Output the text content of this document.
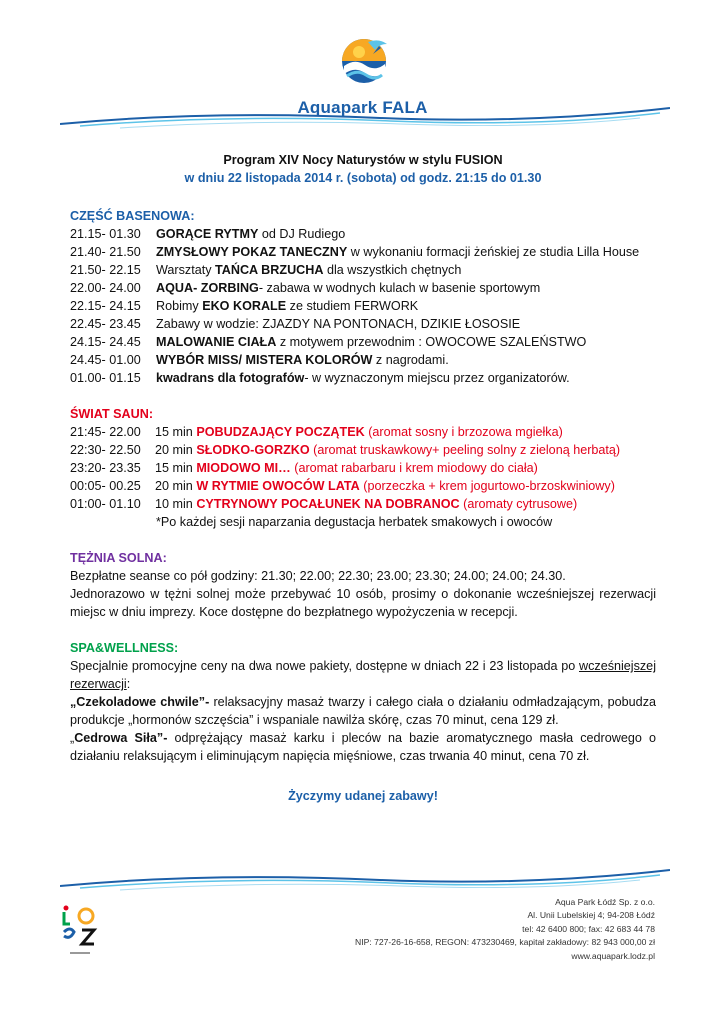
Aquapark FALA
Program XIV Nocy Naturystów w stylu FUSION
w dniu 22 listopada 2014 r. (sobota) od godz. 21:15 do 01.30
CZĘŚĆ BASENOWA:
21.15- 01.30	GORĄCE RYTMY od DJ Rudiego
21.40- 21.50	ZMYSŁOWY POKAZ TANECZNY w wykonaniu formacji żeńskiej ze studia Lilla House
21.50- 22.15	Warsztaty TAŃCA BRZUCHA dla wszystkich chętnych
22.00- 24.00	AQUA- ZORBING- zabawa w wodnych kulach w basenie sportowym
22.15- 24.15	Robimy EKO KORALE ze studiem FERWORK
22.45- 23.45	Zabawy w wodzie: ZJAZDY NA PONTONACH, DZIKIE ŁOSOSIE
24.15- 24.45	MALOWANIE CIAŁA z motywem przewodnim : OWOCOWE SZALEŃSTWO
24.45- 01.00	WYBÓR MISS/ MISTERA KOLORÓW z nagrodami.
01.00- 01.15	kwadrans dla fotografów- w wyznaczonym miejscu przez organizatorów.
ŚWIAT SAUN:
21:45- 22.00	15 min POBUDZAJĄCY POCZĄTEK (aromat sosny i brzozowa mgiełka)
22:30- 22.50	20 min SŁODKO-GORZKO (aromat truskawkowy+ peeling solny z zieloną herbatą)
23:20- 23.35	15 min MIODOWO MI… (aromat rabarbaru i krem miodowy do ciała)
00:05- 00.25	20 min W RYTMIE OWOCÓW LATA (porzeczka + krem jogurtowo-brzoskwiniowy)
01:00- 01.10	10 min CYTRYNOWY POCAŁUNEK NA DOBRANOC (aromaty cytrusowe)
*Po każdej sesji naparzania degustacja herbatek smakowych i owoców
TĘŻNIA SOLNA:
Bezpłatne seanse co pół godziny: 21.30; 22.00; 22.30; 23.00; 23.30; 24.00; 24.00; 24.30.
Jednorazowo w tężni solnej może przebywać 10 osób, prosimy o dokonanie wcześniejszej rezerwacji miejsc w dniu imprezy. Koce dostępne do bezpłatnego wypożyczenia w recepcji.
SPA&WELLNESS:
Specjalnie promocyjne ceny na dwa nowe pakiety, dostępne w dniach 22 i 23 listopada po wcześniejszej rezerwacji:
„Czekoladowe chwile”- relaksacyjny masaż twarzy i całego ciała o działaniu odmładzającym, pobudza produkcje „hormonów szczęścia” i wspaniale nawilża skórę, czas 70 minut, cena 129 zł.
„Cedrowa Siła”- odprężający masaż karku i pleców na bazie aromatycznego masła cedrowego o działaniu relaksującym i eliminującym napięcia mięśniowe, czas trwania 40 minut, cena 70 zł.
Życzymy udanej zabawy!
Aqua Park Łódź Sp. z o.o.
Al. Unii Lubelskiej 4; 94-208 Łódź
tel: 42 6400 800; fax: 42 683 44 78
NIP: 727-26-16-658, REGON: 473230469, kapitał zakładowy: 82 943 000,00 zł
www.aquapark.lodz.pl
